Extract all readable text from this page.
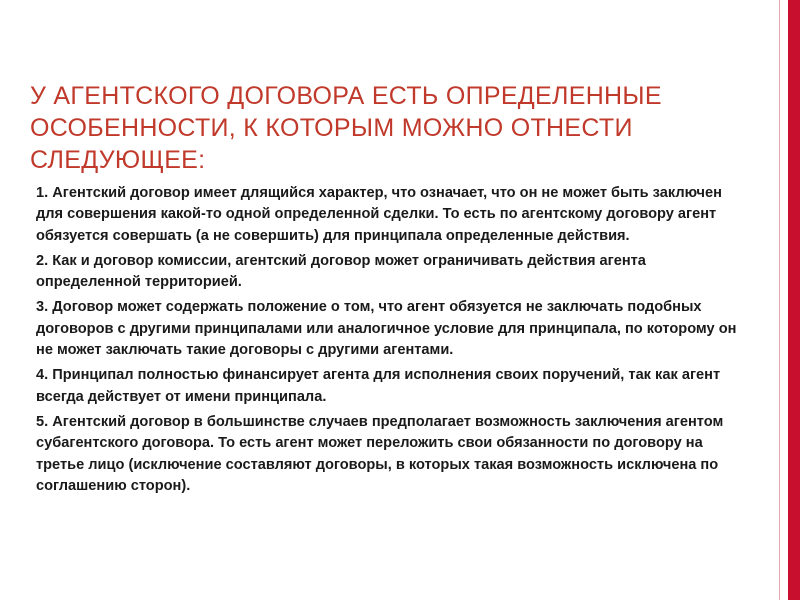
У АГЕНТСКОГО ДОГОВОРА ЕСТЬ ОПРЕДЕЛЕННЫЕ ОСОБЕННОСТИ, К КОТОРЫМ МОЖНО ОТНЕСТИ СЛЕДУЮЩЕЕ:

1. Агентский договор имеет длящийся характер, что означает, что он не может быть заключен для совершения какой-то одной определенной сделки. То есть по агентскому договору агент обязуется совершать (а не совершить) для принципала определенные действия.

2. Как и договор комиссии, агентский договор может ограничивать действия агента определенной территорией.

3. Договор может содержать положение о том, что агент обязуется не заключать подобных договоров с другими принципалами или аналогичное условие для принципала, по которому он не может заключать такие договоры с другими агентами.

4. Принципал полностью финансирует агента для исполнения своих поручений, так как агент всегда действует от имени принципала.

5. Агентский договор в большинстве случаев предполагает возможность заключения агентом субагентского договора. То есть агент может переложить свои обязанности по договору на третье лицо (исключение составляют договоры, в которых такая возможность исключена по соглашению сторон).
